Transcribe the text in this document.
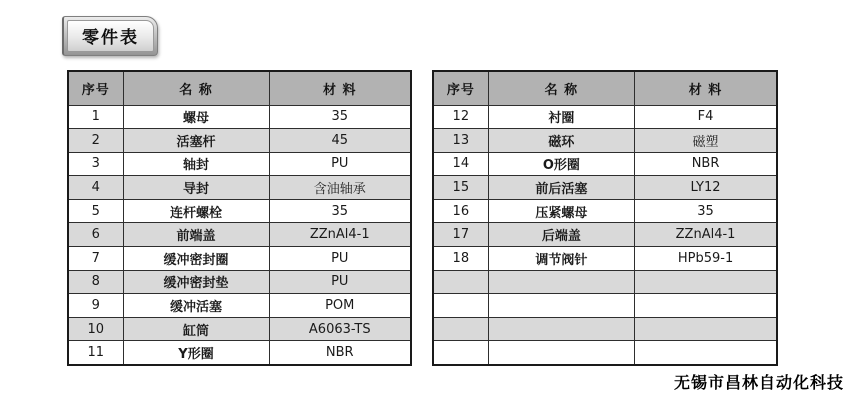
零件表
序号	名 称	材 料
1	螺母	35
2	活塞杆	45
3	轴封	PU
4	导封	含油轴承
5	连杆螺栓	35
6	前端盖	ZZnAl4-1
7	缓冲密封圈	PU
8	缓冲密封垫	PU
9	缓冲活塞	POM
10	缸筒	A6063-TS
11	Y形圈	NBR
序号	名 称	材 料
12	衬圈	F4
13	磁环	磁塑
14	O形圈	NBR
15	前后活塞	LY12
16	压紧螺母	35
17	后端盖	ZZnAl4-1
18	调节阀针	HPb59-1

无锡市昌林自动化科技
